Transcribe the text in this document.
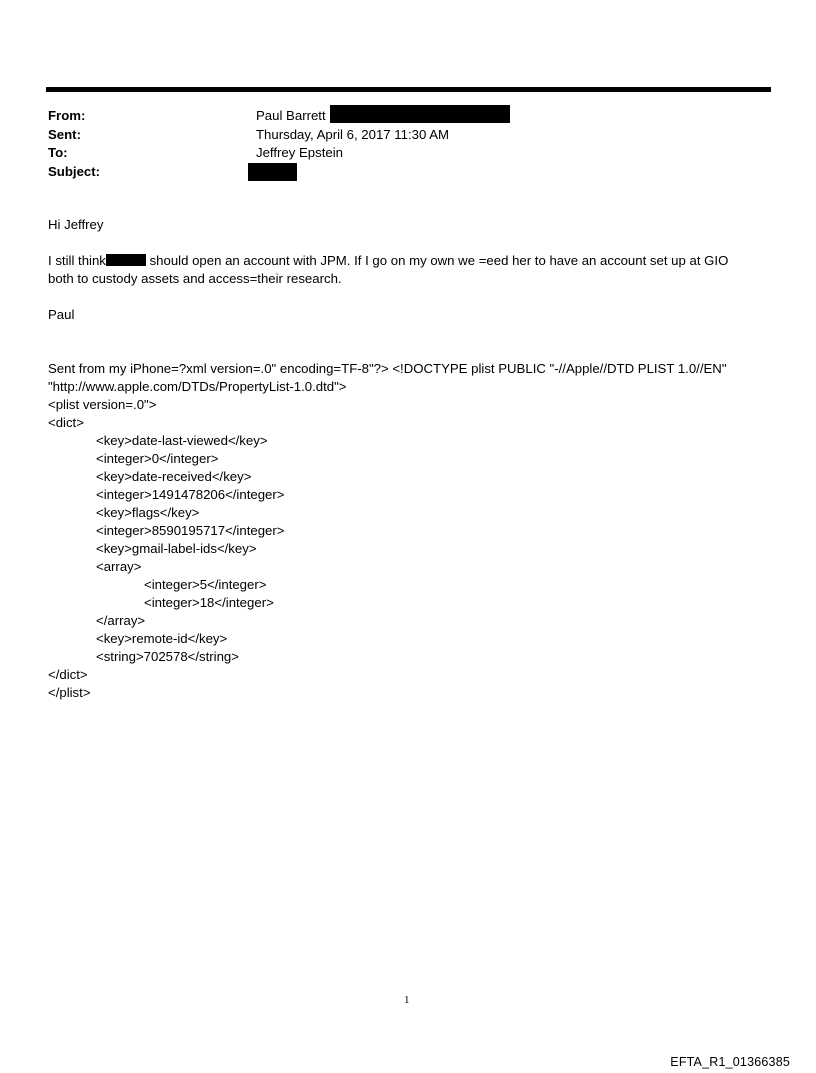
From:	Paul Barrett
Sent:	Thursday, April 6, 2017 11:30 AM
To:	Jeffrey Epstein
Subject:
Hi Jeffrey
I still think	should open an account with JPM. If I go on my own we =eed her to have an account set up at GIO
both to custody assets and access=their research.
Paul
Sent from my iPhone=?xml version=.0" encoding=TF-8"?> <!DOCTYPE plist PUBLIC "-//Apple//DTD PLIST 1.0//EN"
"http://www.apple.com/DTDs/PropertyList-1.0.dtd">
<plist version=.0">
<dict>
<key>date-last-viewed</key>
<integer>0</integer>
<key>date-received</key>
<integer>1491478206</integer>
<key>flags</key>
<integer>8590195717</integer>
<key>gmail-label-ids</key>
<array>
<integer>5</integer>
<integer>18</integer>
</array>
<key>remote-id</key>
<string>702578</string>
</dict>
</plist>
1
EFTA_R1_01366385
